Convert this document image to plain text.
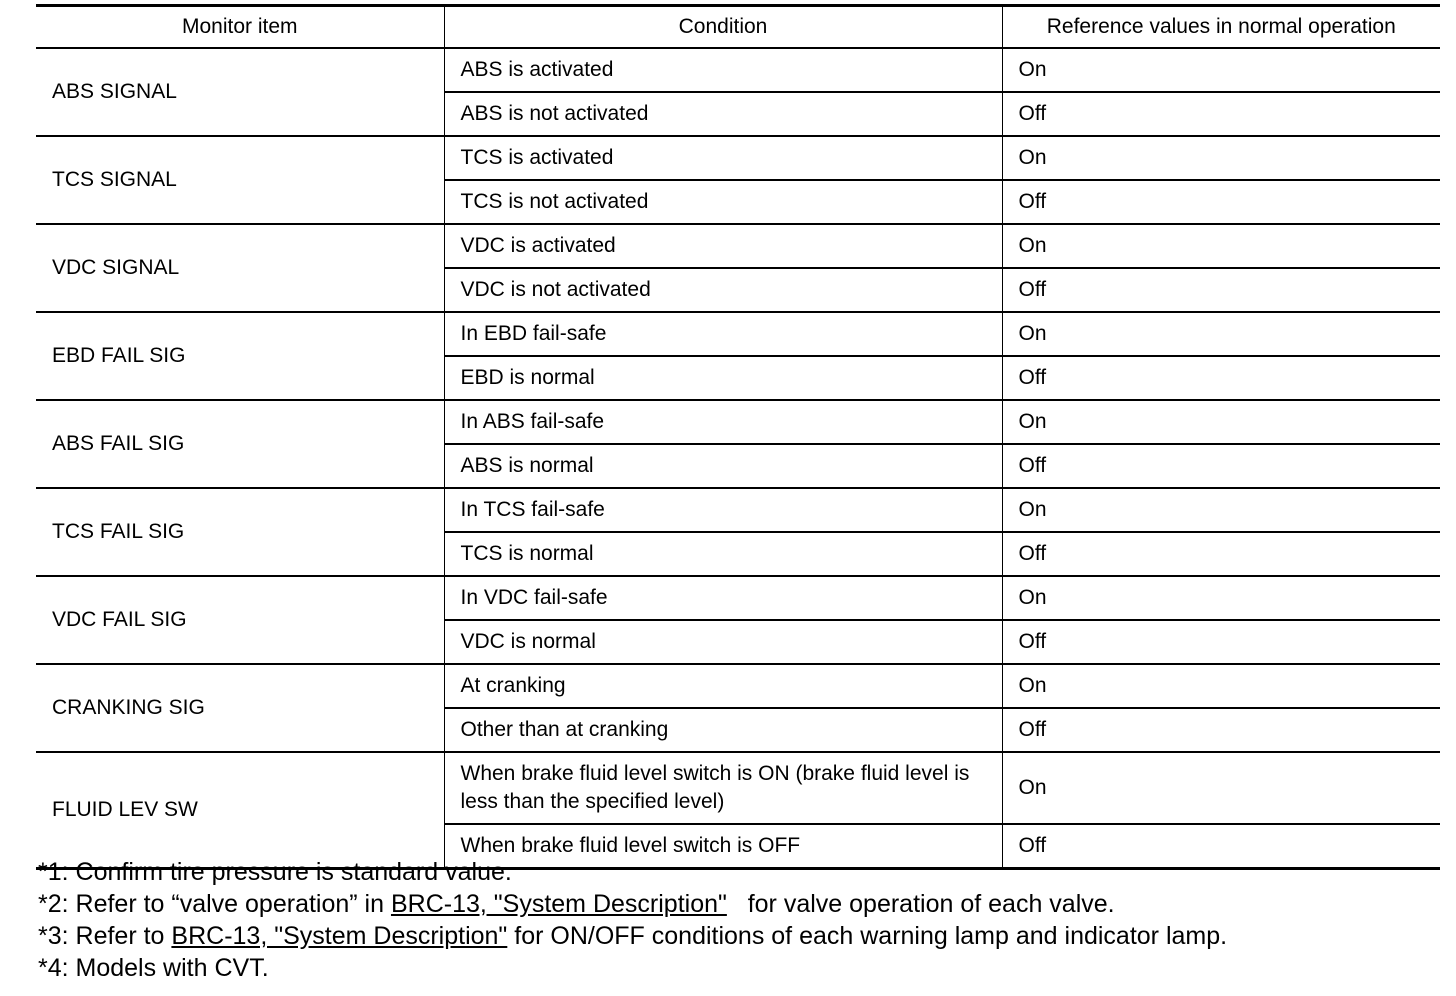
Monitor item	Condition	Reference values in normal operation
ABS SIGNAL	ABS is activated	On
	ABS is not activated	Off
TCS SIGNAL	TCS is activated	On
	TCS is not activated	Off
VDC SIGNAL	VDC is activated	On
	VDC is not activated	Off
EBD FAIL SIG	In EBD fail-safe	On
	EBD is normal	Off
ABS FAIL SIG	In ABS fail-safe	On
	ABS is normal	Off
TCS FAIL SIG	In TCS fail-safe	On
	TCS is normal	Off
VDC FAIL SIG	In VDC fail-safe	On
	VDC is normal	Off
CRANKING SIG	At cranking	On
	Other than at cranking	Off
FLUID LEV SW	When brake fluid level switch is ON (brake fluid level is less than the specified level)	On
	When brake fluid level switch is OFF	Off
*1: Confirm tire pressure is standard value.
*2: Refer to “valve operation” in BRC-13, "System Description"   for valve operation of each valve.
*3: Refer to BRC-13, "System Description" for ON/OFF conditions of each warning lamp and indicator lamp.
*4: Models with CVT.
